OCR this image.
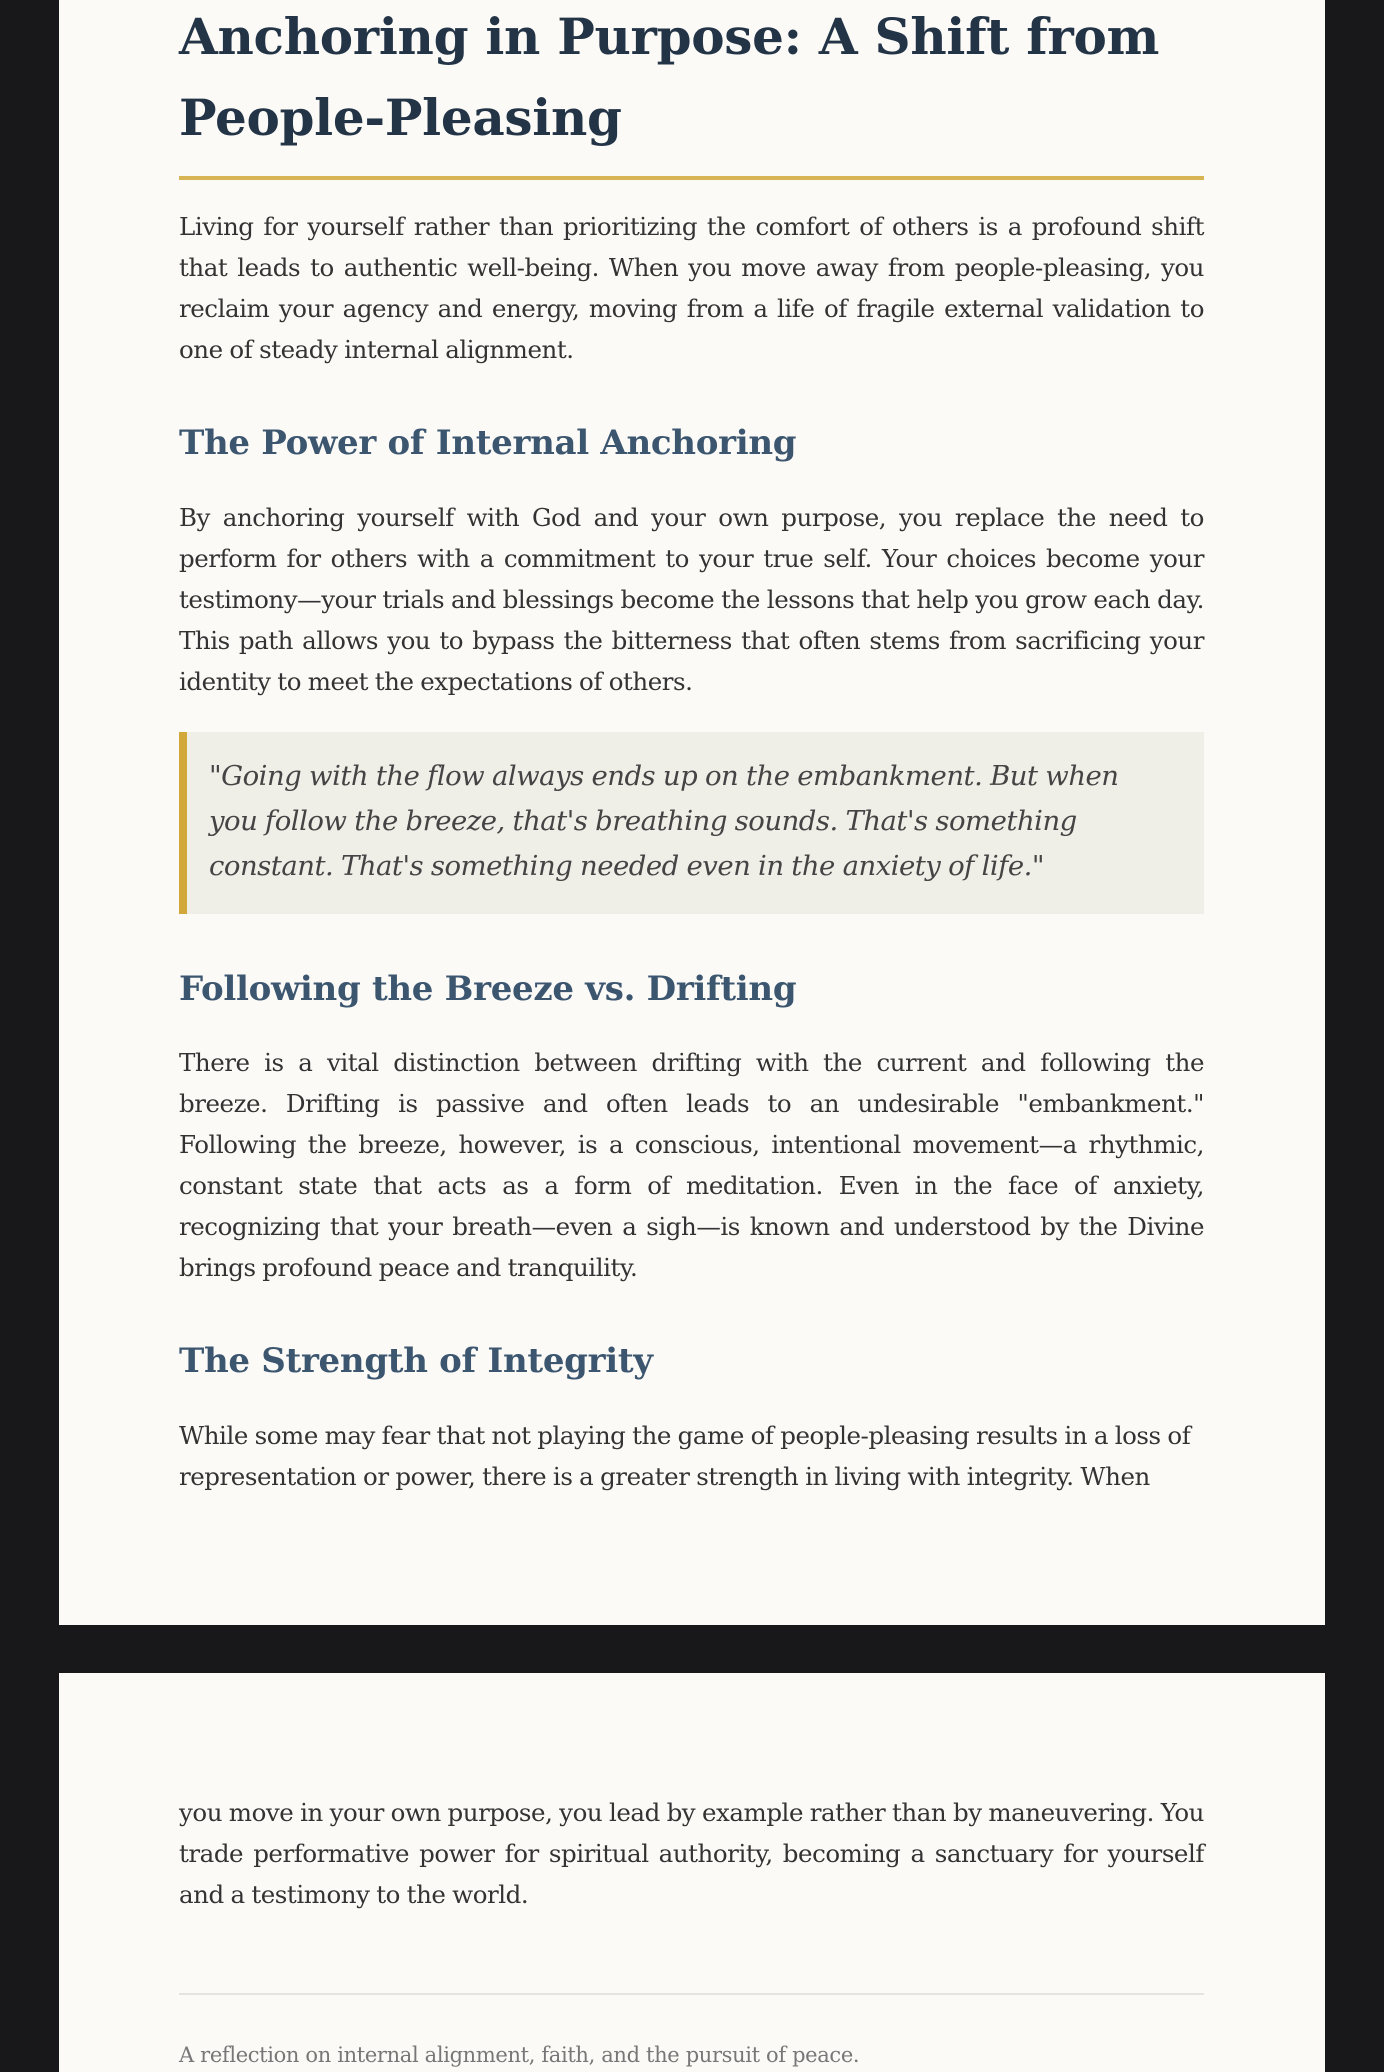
Anchoring in Purpose: A Shift from People-Pleasing

Living for yourself rather than prioritizing the comfort of others is a profound shift that leads to authentic well-being. When you move away from people-pleasing, you reclaim your agency and energy, moving from a life of fragile external validation to one of steady internal alignment.

The Power of Internal Anchoring

By anchoring yourself with God and your own purpose, you replace the need to perform for others with a commitment to your true self. Your choices become your testimony—your trials and blessings become the lessons that help you grow each day. This path allows you to bypass the bitterness that often stems from sacrificing your identity to meet the expectations of others.

"Going with the flow always ends up on the embankment. But when you follow the breeze, that's breathing sounds. That's something constant. That's something needed even in the anxiety of life."

Following the Breeze vs. Drifting

There is a vital distinction between drifting with the current and following the breeze. Drifting is passive and often leads to an undesirable "embankment." Following the breeze, however, is a conscious, intentional movement—a rhythmic, constant state that acts as a form of meditation. Even in the face of anxiety, recognizing that your breath—even a sigh—is known and understood by the Divine brings profound peace and tranquility.

The Strength of Integrity

While some may fear that not playing the game of people-pleasing results in a loss of representation or power, there is a greater strength in living with integrity. When

you move in your own purpose, you lead by example rather than by maneuvering. You trade performative power for spiritual authority, becoming a sanctuary for yourself and a testimony to the world.

A reflection on internal alignment, faith, and the pursuit of peace.
